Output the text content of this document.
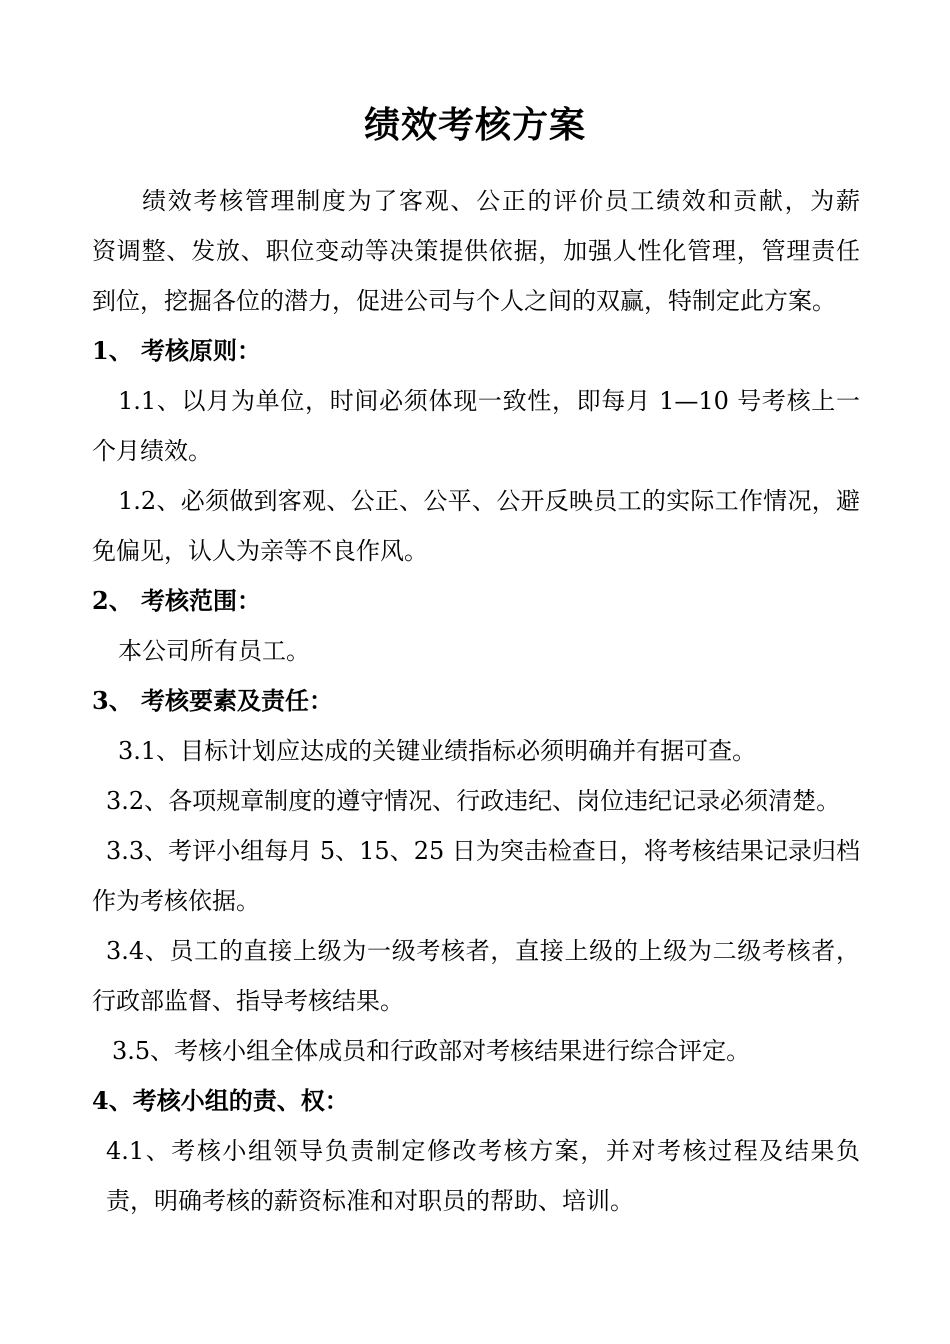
绩效考核方案
绩效考核管理制度为了客观、公正的评价员工绩效和贡献，为薪
资调整、发放、职位变动等决策提供依据，加强人性化管理，管理责任
到位，挖掘各位的潜力，促进公司与个人之间的双赢，特制定此方案。
1、 考核原则：
1.1、以月为单位，时间必须体现一致性，即每月 1—10 号考核上一
个月绩效。
1.2、必须做到客观、公正、公平、公开反映员工的实际工作情况，避
免偏见，认人为亲等不良作风。
2、 考核范围：
本公司所有员工。
3、 考核要素及责任：
3.1、目标计划应达成的关键业绩指标必须明确并有据可查。
3.2、各项规章制度的遵守情况、行政违纪、岗位违纪记录必须清楚。
3.3、考评小组每月 5、15、25 日为突击检查日，将考核结果记录归档
作为考核依据。
3.4、员工的直接上级为一级考核者，直接上级的上级为二级考核者，
行政部监督、指导考核结果。
3.5、考核小组全体成员和行政部对考核结果进行综合评定。
4、考核小组的责、权：
4.1、考核小组领导负责制定修改考核方案，并对考核过程及结果负
责，明确考核的薪资标准和对职员的帮助、培训。
